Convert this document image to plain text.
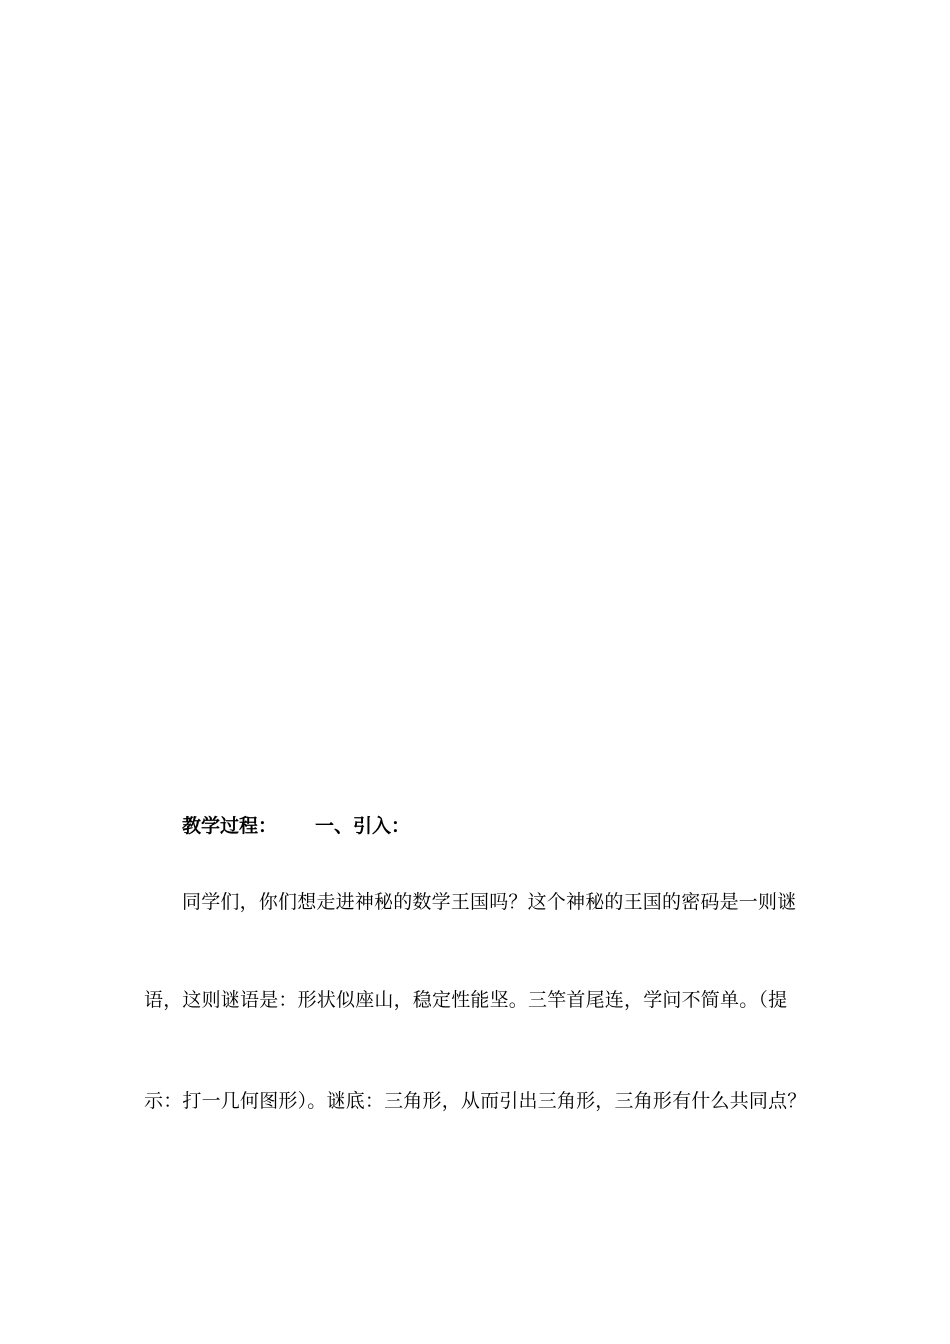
教学过程： 一、引入：
同学们，你们想走进神秘的数学王国吗？这个神秘的王国的密码是一则谜
语，这则谜语是：形状似座山，稳定性能坚。三竿首尾连，学问不简单。（提
示：打一几何图形）。谜底：三角形，从而引出三角形，三角形有什么共同点？
